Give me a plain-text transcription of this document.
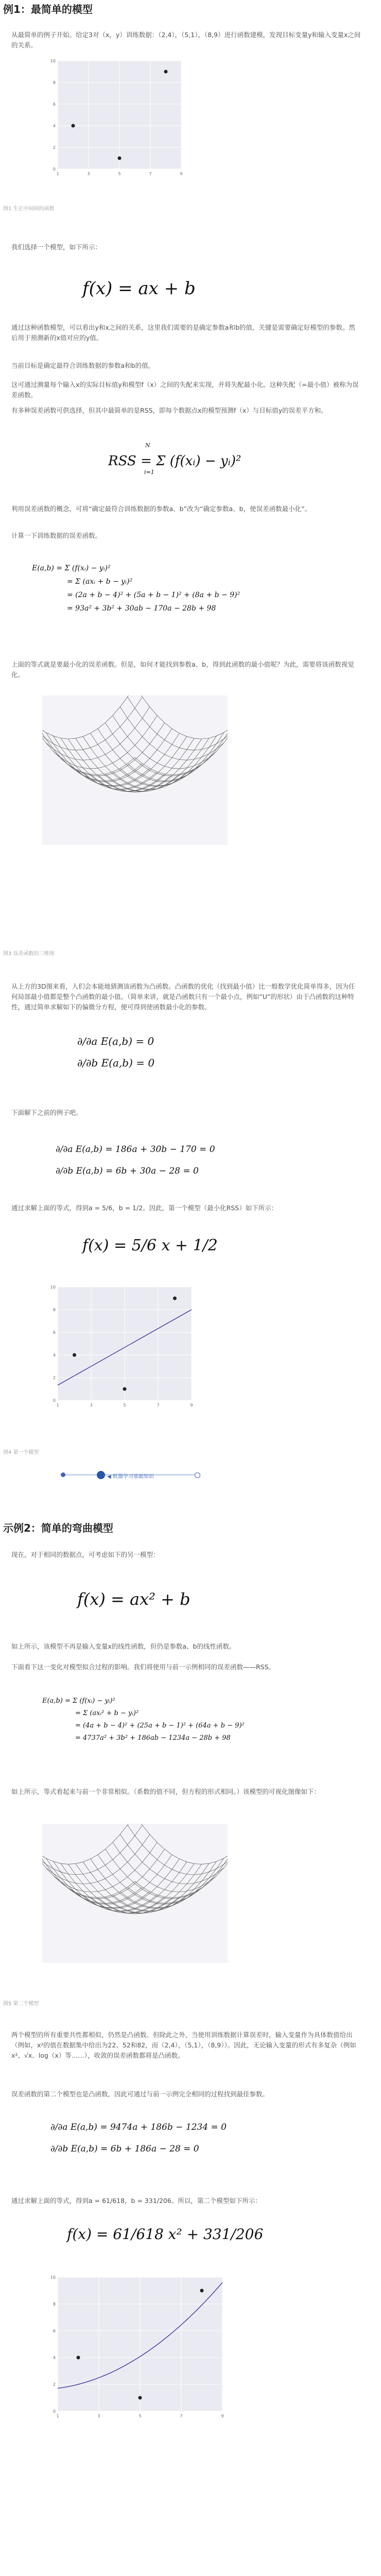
例1：最简单的模型
从最简单的例子开始。给定3对（x，y）训练数据：（2,4），（5,1），（8,9）进行函数建模，发现目标变量y和输入变量x之间的关系。
1	3	5	7	9
0
2
4
6
8
10
图1 生正中间间的函数
我们选择一个模型，如下所示：
f(x) = ax + b
通过这种函数模型，可以看出y和x之间的关系，这里我们需要的是确定参数a和b的值，关键是需要确定好模型的参数。然后用于预测新的x值对应的y值。
当前目标是确定最符合训练数据的参数a和b的值。
这可通过测量每个输入x的实际目标值y和模型f（x）之间的失配来实现，并将失配最小化。这种失配（=最小值）被称为误差函数。
有多种误差函数可供选择，但其中最简单的是RSS，即每个数据点x的模型预测f（x）与目标值y的误差平方和。
RSS = Σ (f(xᵢ) − yᵢ)²
N
i=1
利用误差函数的概念，可将“确定最符合训练数据的参数a、b”改为“确定参数a、b，使误差函数最小化”。
计算一下训练数据的误差函数。
E(a,b) = Σ (f(xᵢ) − yᵢ)²
= Σ (axᵢ + b − yᵢ)²
= (2a + b − 4)² + (5a + b − 1)² + (8a + b − 9)²
= 93a² + 3b² + 30ab − 170a − 28b + 98
上面的等式就是要最小化的误差函数。但是，如何才能找到参数a、b，得到此函数的最小值呢？为此，需要将该函数视觉化。
图3 误差函数的三维图
从上方的3D图来看，人们会本能地猜测该函数为凸函数。凸函数的优化（找到最小值）比一般数学优化简单得多，因为任何局部最小值都是整个凸函数的最小值。（简单来讲，就是凸函数只有一个最小点，例如“U”的形状）由于凸函数的这种特性，通过简单求解如下的偏微分方程，便可得到使函数最小化的参数。
∂/∂a E(a,b) = 0
∂/∂b E(a,b) = 0
下面解下之前的例子吧。
∂/∂a E(a,b) = 186a + 30b − 170 = 0
∂/∂b E(a,b) = 6b + 30a − 28 = 0
通过求解上面的等式，得到a = 5/6，b = 1/2。因此，第一个模型（最小化RSS）如下所示：
f(x) = 5/6 x + 1/2
1	3	5	7	9
0
2
4
6
8
10
图4 第一个模型
◀ 机器学习基础知识
示例2：简单的弯曲模型
现在，对于相同的数据点，可考虑如下的另一模型：
f(x) = ax² + b
如上所示，该模型不再是输入变量x的线性函数，但仍是参数a、b的线性函数。
下面看下这一变化对模型拟合过程的影响。我们将使用与前一示例相同的误差函数——RSS。
E(a,b) = Σ (f(xᵢ) − yᵢ)²
= Σ (axᵢ² + b − yᵢ)²
= (4a + b − 4)² + (25a + b − 1)² + (64a + b − 9)²
= 4737a² + 3b² + 186ab − 1234a − 28b + 98
如上所示，等式看起来与前一个非常相似。（系数的值不同，但方程的形式相同。）该模型的可视化图像如下：
图5 第二个模型
两个模型的所有重要共性都相似，仍然是凸函数。但除此之外，当使用训练数据计算误差时，输入变量作为具体数值给出（例如，x²的值在数据集中给出为22、52和82，而（2,4），（5,1），（8,9））。因此，无论输入变量的形式有多复杂（例如x²、√x、log（x）等……），收敛的误差函数都将是凸函数。
误差函数的第二个模型也是凸函数，因此可通过与前一示例完全相同的过程找到最佳参数。
∂/∂a E(a,b) = 9474a + 186b − 1234 = 0
∂/∂b E(a,b) = 6b + 186a − 28 = 0
通过求解上面的等式，得到a = 61/618，b = 331/206。所以，第二个模型如下所示：
f(x) = 61/618 x² + 331/206
1	3	5	7	9
0
2
4
6
8
10
